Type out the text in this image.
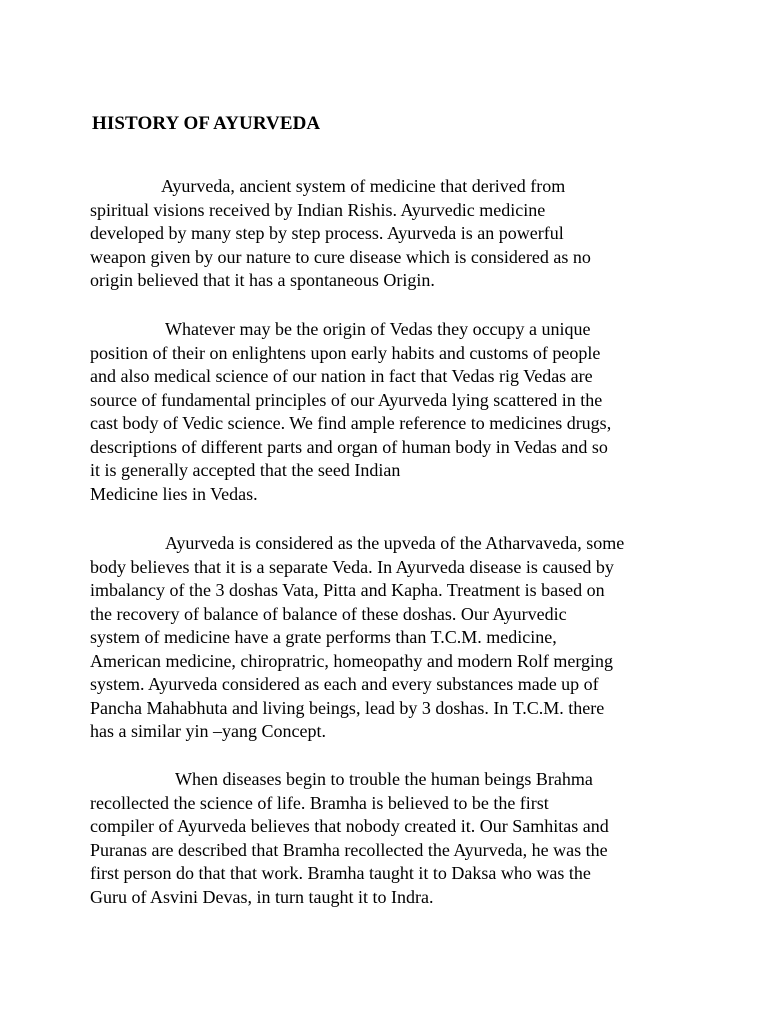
HISTORY OF AYURVEDA
Ayurveda, ancient system of medicine that derived from
spiritual visions received by Indian Rishis. Ayurvedic medicine
developed by many step by step process. Ayurveda is an powerful
weapon given by our nature to cure disease which is considered as no
origin believed that it has a spontaneous Origin.
Whatever may be the origin of Vedas they occupy a unique
position of their on enlightens upon early habits and customs of people
and also medical science of our nation in fact that Vedas rig Vedas are
source of fundamental principles of our Ayurveda lying scattered in the
cast body of Vedic science. We find ample reference to medicines drugs,
descriptions of different parts and organ of human body in Vedas and so
it is generally accepted that the seed Indian
Medicine lies in Vedas.
Ayurveda is considered as the upveda of the Atharvaveda, some
body believes that it is a separate Veda. In Ayurveda disease is caused by
imbalancy of the 3 doshas Vata, Pitta and Kapha. Treatment is based on
the recovery of balance of balance of these doshas. Our Ayurvedic
system of medicine have a grate performs than T.C.M. medicine,
American medicine, chiropratric, homeopathy and modern Rolf merging
system. Ayurveda considered as each and every substances made up of
Pancha Mahabhuta and living beings, lead by 3 doshas. In T.C.M. there
has a similar yin –yang Concept.
When diseases begin to trouble the human beings Brahma
recollected the science of life. Bramha is believed to be the first
compiler of Ayurveda believes that nobody created it. Our Samhitas and
Puranas are described that Bramha recollected the Ayurveda, he was the
first person do that that work. Bramha taught it to Daksa who was the
Guru of Asvini Devas, in turn taught it to Indra.
